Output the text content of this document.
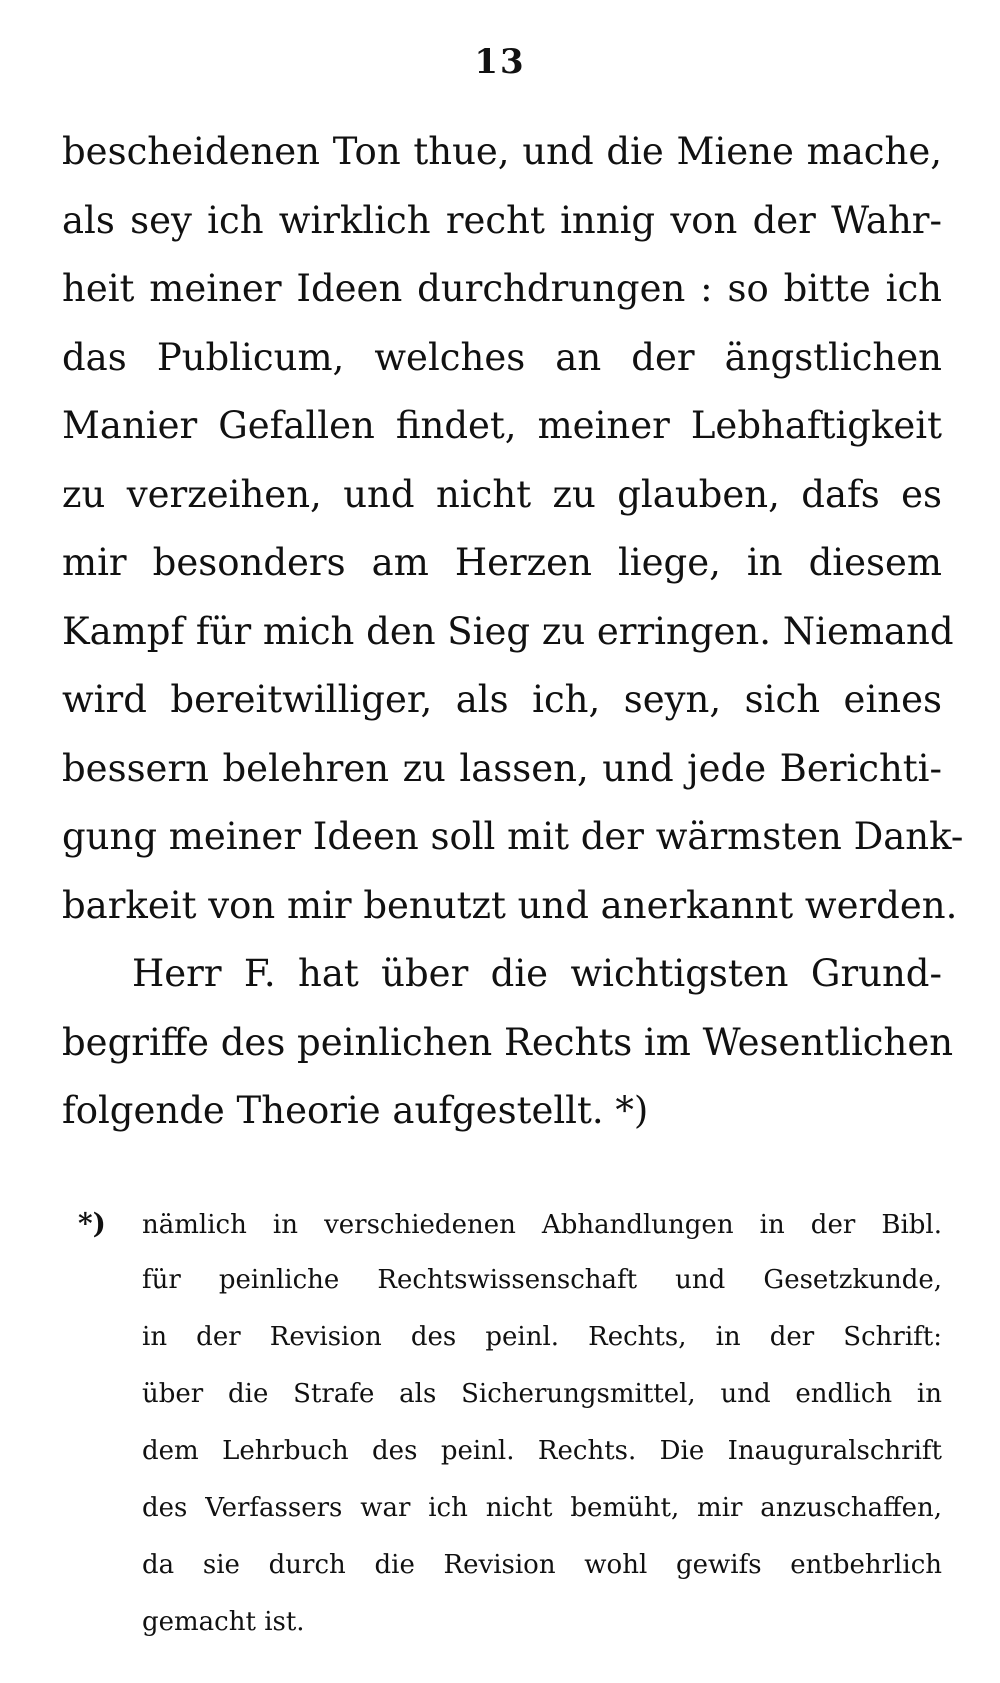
13
bescheidenen Ton thue, und die Miene mache,
als sey ich wirklich recht innig von der Wahr-
heit meiner Ideen durchdrungen : so bitte ich
das Publicum, welches an der ängstlichen
Manier Gefallen findet, meiner Lebhaftigkeit
zu verzeihen, und nicht zu glauben, dafs es
mir besonders am Herzen liege, in diesem
Kampf für mich den Sieg zu erringen. Niemand
wird bereitwilliger, als ich, seyn, sich eines
bessern belehren zu lassen, und jede Berichti-
gung meiner Ideen soll mit der wärmsten Dank-
barkeit von mir benutzt und anerkannt werden.
Herr F. hat über die wichtigsten Grund-
begriffe des peinlichen Rechts im Wesentlichen
folgende Theorie aufgestellt. *)
*) nämlich in verschiedenen Abhandlungen in der Bibl.
für peinliche Rechtswissenschaft und Gesetzkunde,
in der Revision des peinl. Rechts, in der Schrift:
über die Strafe als Sicherungsmittel, und endlich in
dem Lehrbuch des peinl. Rechts. Die Inauguralschrift
des Verfassers war ich nicht bemüht, mir anzuschaffen,
da sie durch die Revision wohl gewifs entbehrlich
gemacht ist.
